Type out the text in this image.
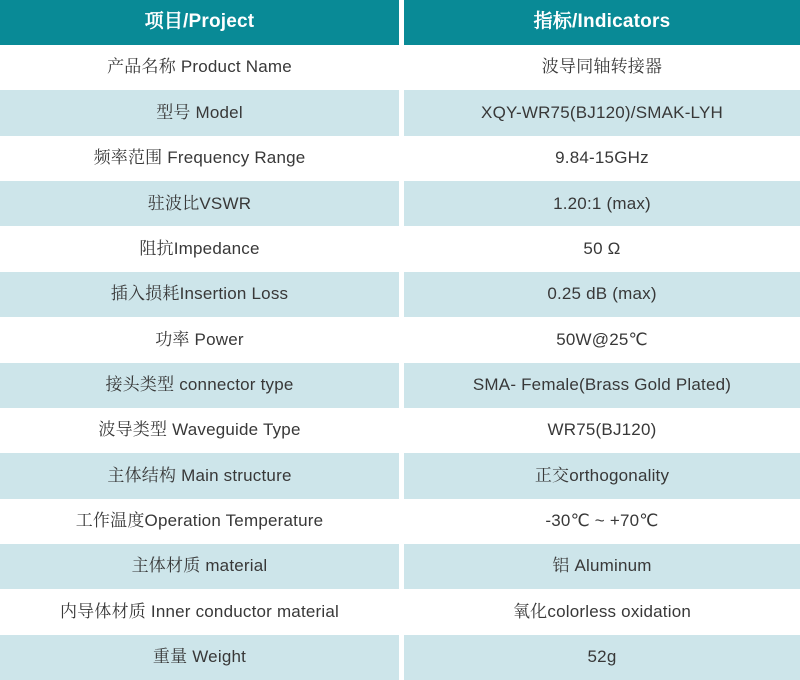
项目/Project	指标/Indicators
产品名称 Product Name	波导同轴转接器
型号 Model	XQY-WR75(BJ120)/SMAK-LYH
频率范围 Frequency Range	9.84-15GHz
驻波比VSWR	1.20:1 (max)
阻抗Impedance	50 Ω
插入损耗Insertion Loss	0.25 dB (max)
功率 Power	50W@25℃
接头类型 connector type	SMA- Female(Brass Gold Plated)
波导类型 Waveguide Type	WR75(BJ120)
主体结构 Main structure	正交orthogonality
工作温度Operation Temperature	-30℃ ~ +70℃
主体材质 material	铝 Aluminum
内导体材质 Inner conductor material	氧化colorless oxidation
重量 Weight	52g
